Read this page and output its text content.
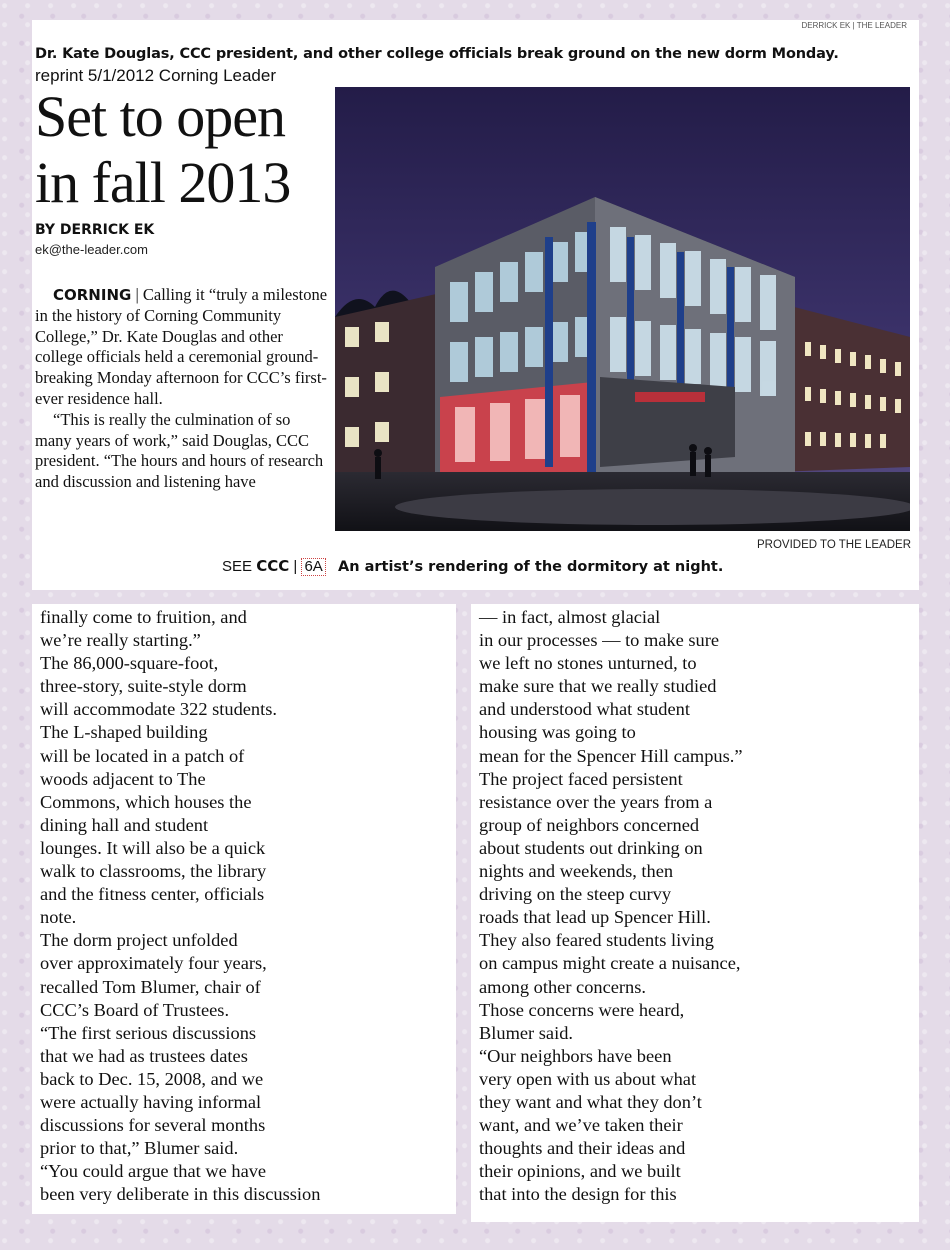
DERRICK EK | THE LEADER
Dr. Kate Douglas, CCC president, and other college officials break ground on the new dorm Monday.
reprint 5/1/2012 Corning Leader
Set to open
in fall 2013
BY DERRICK EK
ek@the-leader.com

CORNING | Calling it “truly a milestone in the history of Corning Community College,” Dr. Kate Douglas and other college officials held a ceremonial ground-breaking Monday afternoon for CCC’s first-ever residence hall.

“This is really the culmination of so many years of work,” said Douglas, CCC president. “The hours and hours of research and discussion and listening have

PROVIDED TO THE LEADER
SEE CCC | 6A An artist’s rendering of the dormitory at night.
finally come to fruition, and
we’re really starting.”
The 86,000-square-foot,
three-story, suite-style dorm
will accommodate 322 students.
The L-shaped building
will be located in a patch of
woods adjacent to The
Commons, which houses the
dining hall and student
lounges. It will also be a quick
walk to classrooms, the library
and the fitness center, officials
note.
The dorm project unfolded
over approximately four years,
recalled Tom Blumer, chair of
CCC’s Board of Trustees.
“The first serious discussions
that we had as trustees dates
back to Dec. 15, 2008, and we
were actually having informal
discussions for several months
prior to that,” Blumer said.
“You could argue that we have
been very deliberate in this discussion
— in fact, almost glacial
in our processes — to make sure
we left no stones unturned, to
make sure that we really studied
and understood what student
housing was going to
mean for the Spencer Hill campus.”
The project faced persistent
resistance over the years from a
group of neighbors concerned
about students out drinking on
nights and weekends, then
driving on the steep curvy
roads that lead up Spencer Hill.
They also feared students living
on campus might create a nuisance,
among other concerns.
Those concerns were heard,
Blumer said.
“Our neighbors have been
very open with us about what
they want and what they don’t
want, and we’ve taken their
thoughts and their ideas and
their opinions, and we built
that into the design for this
